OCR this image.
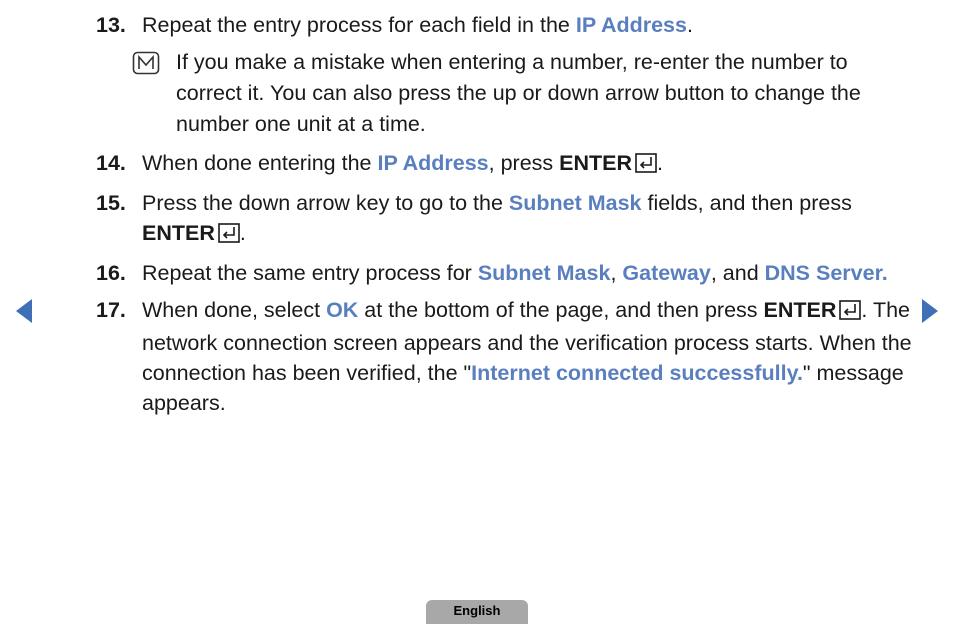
13. Repeat the entry process for each field in the IP Address.
If you make a mistake when entering a number, re-enter the number to correct it. You can also press the up or down arrow button to change the number one unit at a time.
14. When done entering the IP Address, press ENTER .
15. Press the down arrow key to go to the Subnet Mask fields, and then press ENTER .
16. Repeat the same entry process for Subnet Mask, Gateway, and DNS Server.
17. When done, select OK at the bottom of the page, and then press ENTER . The network connection screen appears and the verification process starts. When the connection has been verified, the "Internet connected successfully." message appears.
English
